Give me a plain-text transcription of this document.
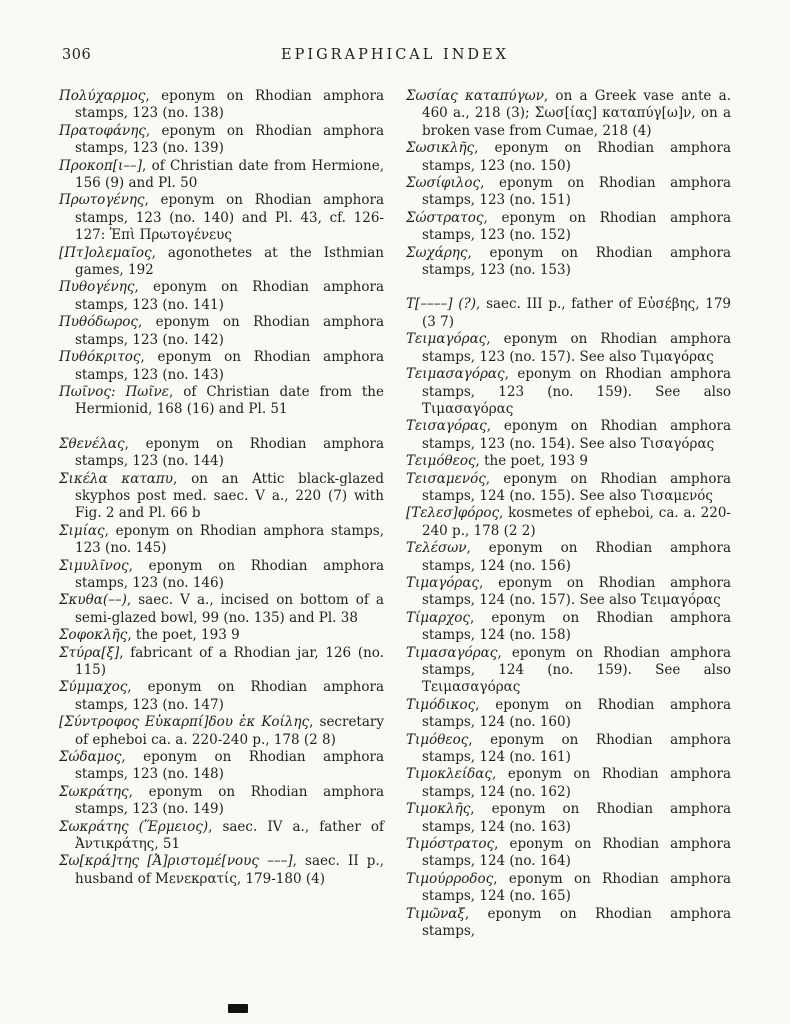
306	EPIGRAPHICAL INDEX

Πολύχαρμος, eponym on Rhodian amphora stamps, 123 (no. 138)

Πρατοφάνης, eponym on Rhodian amphora stamps, 123 (no. 139)

Προκοπ[ι––], of Christian date from Hermione, 156 (9) and Pl. 50

Πρωτογένης, eponym on Rhodian amphora stamps, 123 (no. 140) and Pl. 43, cf. 126-127: Ἐπὶ Πρωτογένευς

[Πτ]ολεμαῖος, agonothetes at the Isthmian games, 192

Πυθογένης, eponym on Rhodian amphora stamps, 123 (no. 141)

Πυθόδωρος, eponym on Rhodian amphora stamps, 123 (no. 142)

Πυθόκριτος, eponym on Rhodian amphora stamps, 123 (no. 143)

Πωῖνος: Πωῖνε, of Christian date from the Hermionid, 168 (16) and Pl. 51

Σθενέλας, eponym on Rhodian amphora stamps, 123 (no. 144)

Σικέλα καταπυ, on an Attic black-glazed skyphos post med. saec. V a., 220 (7) with Fig. 2 and Pl. 66 b

Σιμίας, eponym on Rhodian amphora stamps, 123 (no. 145)

Σιμυλῖνος, eponym on Rhodian amphora stamps, 123 (no. 146)

Σκυθα(––), saec. V a., incised on bottom of a semi-glazed bowl, 99 (no. 135) and Pl. 38

Σοφοκλῆς, the poet, 193 9

Στύρα[ξ], fabricant of a Rhodian jar, 126 (no. 115)

Σύμμαχος, eponym on Rhodian amphora stamps, 123 (no. 147)

[Σύντροφος Εὐκαρπί]δου ἐκ Κοίλης, secretary of epheboi ca. a. 220-240 p., 178 (2 8)

Σώδαμος, eponym on Rhodian amphora stamps, 123 (no. 148)

Σωκράτης, eponym on Rhodian amphora stamps, 123 (no. 149)

Σωκράτης (Ἕρμειος), saec. IV a., father of Ἀντικράτης, 51

Σω[κρά]της [Ἀ]ριστομέ[νους –––], saec. II p., husband of Μενεκρατίς, 179-180 (4)

Σωσίας καταπύγων, on a Greek vase ante a. 460 a., 218 (3); Σωσ[ίας] καταπύγ[ω]ν, on a broken vase from Cumae, 218 (4)

Σωσικλῆς, eponym on Rhodian amphora stamps, 123 (no. 150)

Σωσίφιλος, eponym on Rhodian amphora stamps, 123 (no. 151)

Σώστρατος, eponym on Rhodian amphora stamps, 123 (no. 152)

Σωχάρης, eponym on Rhodian amphora stamps, 123 (no. 153)

Τ[––––] (?), saec. III p., father of Εὐσέβης, 179 (3 7)

Τειμαγόρας, eponym on Rhodian amphora stamps, 123 (no. 157). See also Τιμαγόρας

Τειμασαγόρας, eponym on Rhodian amphora stamps, 123 (no. 159). See also Τιμασαγόρας

Τεισαγόρας, eponym on Rhodian amphora stamps, 123 (no. 154). See also Τισαγόρας

Τειμόθεος, the poet, 193 9

Τεισαμενός, eponym on Rhodian amphora stamps, 124 (no. 155). See also Τισαμενός

[Τελεσ]φόρος, kosmetes of epheboi, ca. a. 220-240 p., 178 (2 2)

Τελέσων, eponym on Rhodian amphora stamps, 124 (no. 156)

Τιμαγόρας, eponym on Rhodian amphora stamps, 124 (no. 157). See also Τειμαγόρας

Τίμαρχος, eponym on Rhodian amphora stamps, 124 (no. 158)

Τιμασαγόρας, eponym on Rhodian amphora stamps, 124 (no. 159). See also Τειμασαγόρας

Τιμόδικος, eponym on Rhodian amphora stamps, 124 (no. 160)

Τιμόθεος, eponym on Rhodian amphora stamps, 124 (no. 161)

Τιμοκλείδας, eponym on Rhodian amphora stamps, 124 (no. 162)

Τιμοκλῆς, eponym on Rhodian amphora stamps, 124 (no. 163)

Τιμόστρατος, eponym on Rhodian amphora stamps, 124 (no. 164)

Τιμούρροδος, eponym on Rhodian amphora stamps, 124 (no. 165)

Τιμῶναξ, eponym on Rhodian amphora stamps,
